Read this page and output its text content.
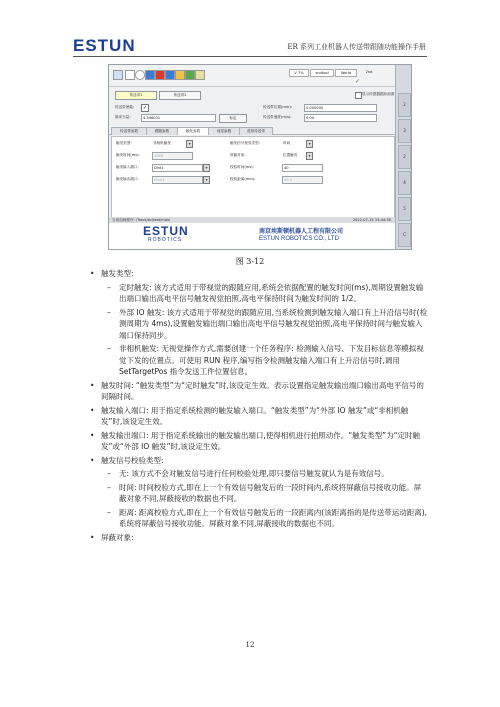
ESTUN	ER 系列工业机器人传送带跟随功能操作手册
V 7%	sndtool	World	2nd
✓
传送带1	传送带2	显示传感器跟踪画面
传送带使能:	✓	传送带位置(mm):	0.000000
脉冲当量:	4.346031	标定	传送带速度(m/s):	0.00
传送带参数	跟随参数	触发参数	视觉参数	虚拟传送带
触发类型:	非相机触发	▾	触发信号校验类型:	时间	▾
触发时间(ms):	1000	屏蔽对象:	位置触发	▾
触发输入端口:	Dint1	▾	校验时间(ms):	40
触发输出端口:	Dout1	▾	校验距离(mm):	50.0
当前加载程序: /Track/ec/test/main	2022-07-15 15:44:30
ESTUN
ROBOTICS
南京埃斯顿机器人工程有限公司
ESTUN ROBOTICS CO., LTD
2
3
2
4
5
C
图 3-12
• 触发类型:
– 定时触发: 该方式适用于带视觉的跟随应用,系统会依据配置的触发时间(ms),周期设置触发输出端口输出高电平信号触发视觉拍照,高电平保持时间为触发时间的 1/2。
– 外部 IO 触发: 该方式适用于带视觉的跟随应用,当系统检测到触发输入端口有上升沿信号时(检测周期为 4ms),设置触发输出端口输出高电平信号触发视觉拍照,高电平保持时间与触发输入端口保持同步。
– 非相机触发: 无视觉操作方式,需要创建一个任务程序: 检测输入信号、下发目标信息等模拟视觉下发的位置点。可使用 RUN 程序,编写指令检测触发输入端口有上升沿信号时,调用 SetTargetPos 指令发送工件位置信息。
• 触发时间: “触发类型”为“定时触发”时,该设定生效。表示设置指定触发输出端口输出高电平信号的间隔时间。
• 触发输入端口: 用于指定系统检测的触发输入端口。“触发类型”为“外部 IO 触发”或“非相机触发”时,该设定生效。
• 触发输出端口: 用于指定系统输出的触发输出端口,使得相机进行拍照动作。“触发类型”为“定时触发”或“外部 IO 触发”时,该设定生效。
• 触发信号校验类型:
– 无: 该方式不会对触发信号进行任何校验处理,即只要信号触发就认为是有效信号。
– 时间: 时间校验方式,即在上一个有效信号触发后的一段时间内,系统将屏蔽信号接收功能。屏蔽对象不同,屏蔽接收的数据也不同。
– 距离: 距离校验方式,即在上一个有效信号触发后的一段距离内(该距离指的是传送带运动距离),系统将屏蔽信号接收功能。屏蔽对象不同,屏蔽接收的数据也不同。
• 屏蔽对象:
12
